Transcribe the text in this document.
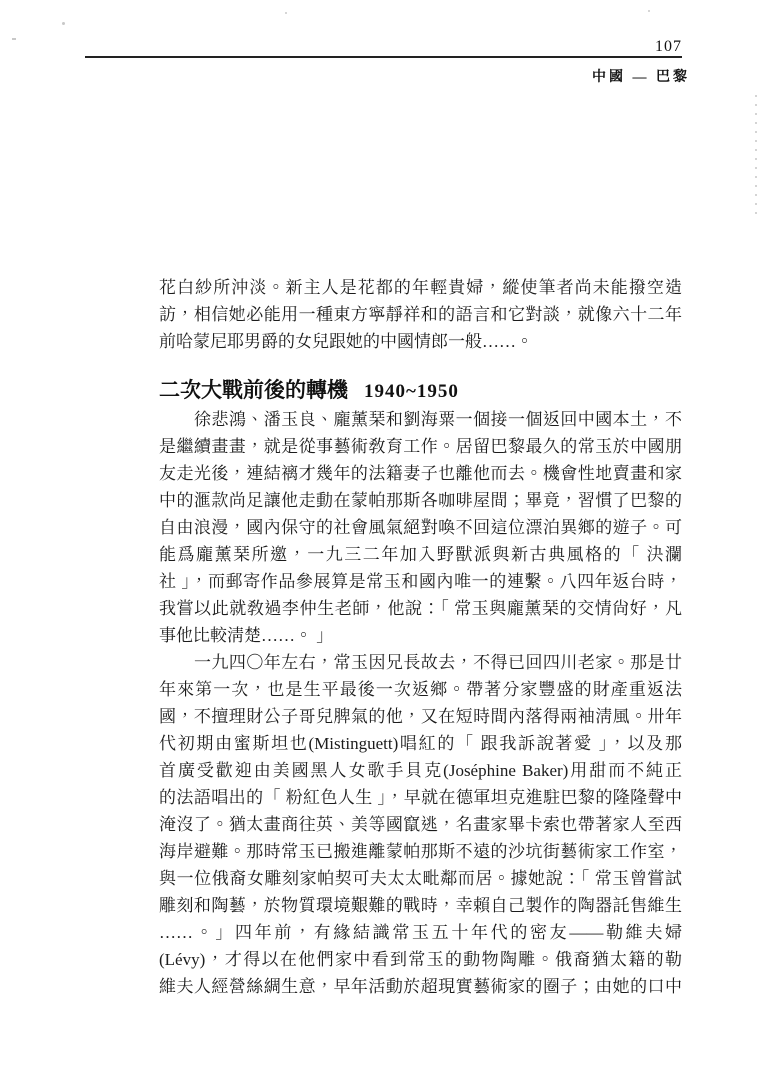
107
中國 — 巴黎
花白紗所沖淡。新主人是花都的年輕貴婦，縱使筆者尚未能撥空造
訪，相信她必能用一種東方寧靜祥和的語言和它對談，就像六十二年
前哈蒙尼耶男爵的女兒跟她的中國情郎一般……。
二次大戰前後的轉機 1940~1950
徐悲鴻、潘玉良、龐薰琹和劉海粟一個接一個返回中國本土，不
是繼續畫畫，就是從事藝術敎育工作。居留巴黎最久的常玉於中國朋
友走光後，連結褵才幾年的法籍妻子也離他而去。機會性地賣畫和家
中的滙款尚足讓他走動在蒙帕那斯各咖啡屋間；畢竟，習慣了巴黎的
自由浪漫，國內保守的社會風氣絕對喚不回這位漂泊異鄉的遊子。可
能爲龐薰琹所邀，一九三二年加入野獸派與新古典風格的「 決瀾
社 」，而郵寄作品參展算是常玉和國內唯一的連繫。八四年返台時，
我嘗以此就敎過李仲生老師，他說：「 常玉與龐薰琹的交情尙好，凡
事他比較淸楚……。 」
一九四〇年左右，常玉因兄長故去，不得已回四川老家。那是廿
年來第一次，也是生平最後一次返鄉。帶著分家豐盛的財產重返法
國，不擅理財公子哥兒脾氣的他，又在短時間內落得兩袖淸風。卅年
代初期由蜜斯坦也(Mistinguett)唱紅的「 跟我訴說著愛 」，以及那
首廣受歡迎由美國黑人女歌手貝克(Joséphine Baker)用甜而不純正
的法語唱出的「 粉紅色人生 」，早就在德軍坦克進駐巴黎的隆隆聲中
淹沒了。猶太畫商往英、美等國竄逃，名畫家畢卡索也帶著家人至西
海岸避難。那時常玉已搬進離蒙帕那斯不遠的沙坑街藝術家工作室，
與一位俄裔女雕刻家帕契可夫太太毗鄰而居。據她說：「 常玉曾嘗試
雕刻和陶藝，於物質環境艱難的戰時，幸賴自己製作的陶器託售維生
……。」四年前，有緣結識常玉五十年代的密友——勒維夫婦
(Lévy)，才得以在他們家中看到常玉的動物陶雕。俄裔猶太籍的勒
維夫人經營絲綢生意，早年活動於超現實藝術家的圈子；由她的口中
